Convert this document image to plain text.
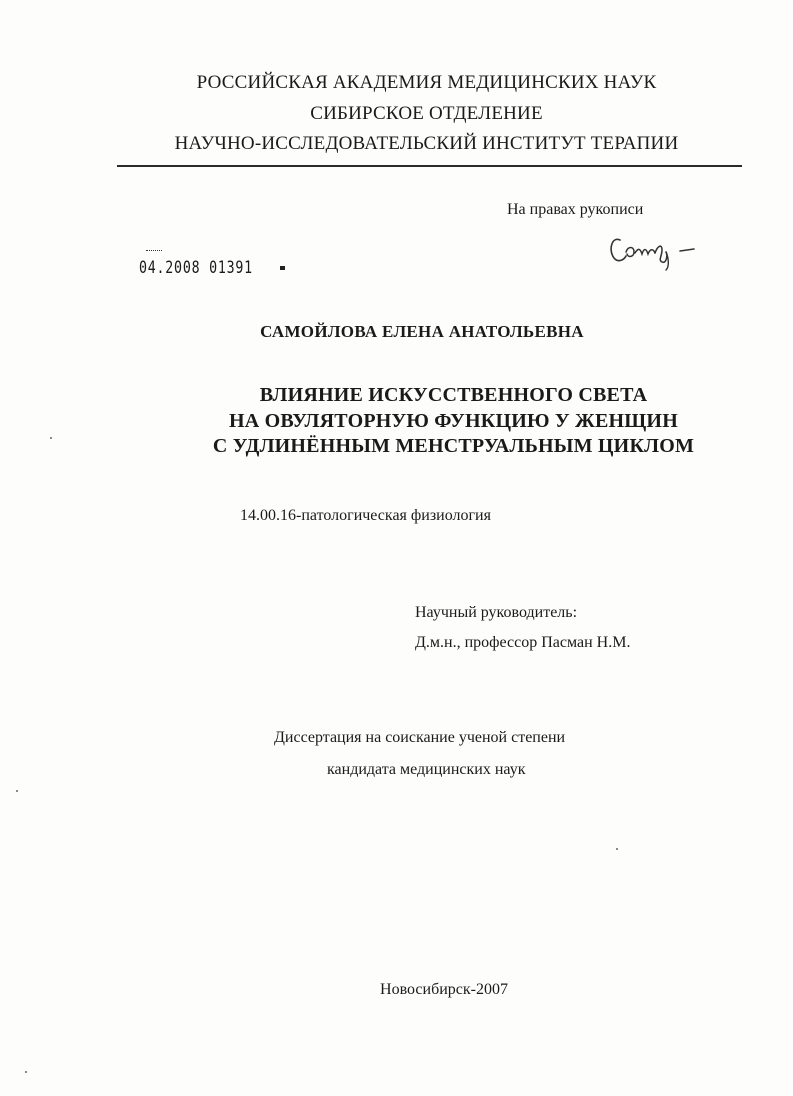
РОССИЙСКАЯ АКАДЕМИЯ МЕДИЦИНСКИХ НАУК
СИБИРСКОЕ ОТДЕЛЕНИЕ
НАУЧНО-ИССЛЕДОВАТЕЛЬСКИЙ ИНСТИТУТ ТЕРАПИИ
На правах рукописи
04.2008 01391
САМОЙЛОВА ЕЛЕНА АНАТОЛЬЕВНА
ВЛИЯНИЕ ИСКУССТВЕННОГО СВЕТА
НА ОВУЛЯТОРНУЮ ФУНКЦИЮ У ЖЕНЩИН
С УДЛИНЁННЫМ МЕНСТРУАЛЬНЫМ ЦИКЛОМ
14.00.16-патологическая физиология
Научный руководитель:
Д.м.н., профессор Пасман Н.М.
Диссертация на соискание ученой степени
кандидата медицинских наук
Новосибирск-2007
